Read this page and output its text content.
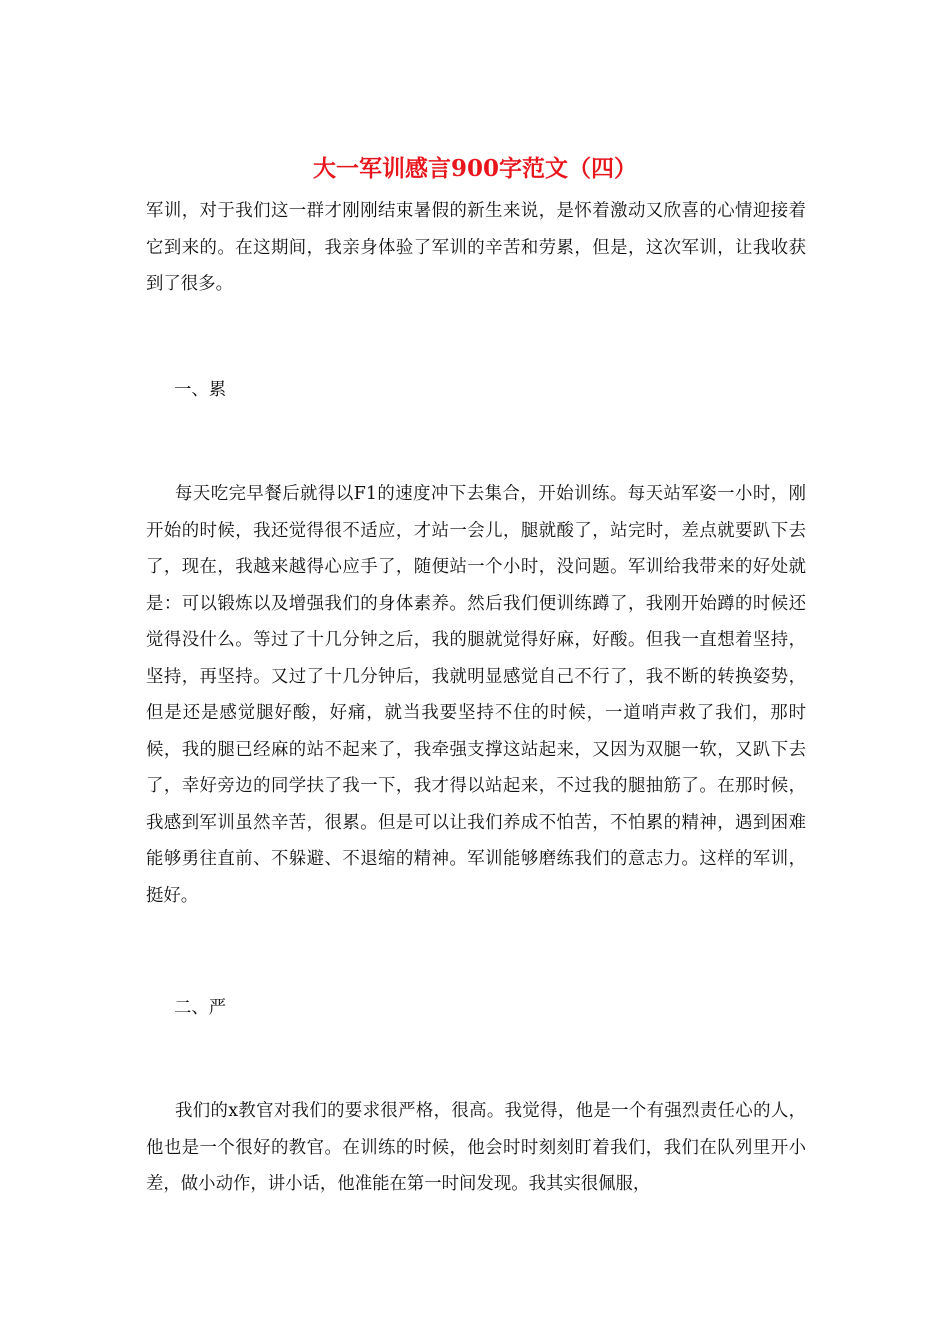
大一军训感言900字范文（四）
军训，对于我们这一群才刚刚结束暑假的新生来说，是怀着激动又欣喜的心情迎接着它到来的。在这期间，我亲身体验了军训的辛苦和劳累，但是，这次军训，让我收获到了很多。
一、累
每天吃完早餐后就得以F1的速度冲下去集合，开始训练。每天站军姿一小时，刚开始的时候，我还觉得很不适应，才站一会儿，腿就酸了，站完时，差点就要趴下去了，现在，我越来越得心应手了，随便站一个小时，没问题。军训给我带来的好处就是：可以锻炼以及增强我们的身体素养。然后我们便训练蹲了，我刚开始蹲的时候还觉得没什么。等过了十几分钟之后，我的腿就觉得好麻，好酸。但我一直想着坚持，坚持，再坚持。又过了十几分钟后，我就明显感觉自己不行了，我不断的转换姿势，但是还是感觉腿好酸，好痛，就当我要坚持不住的时候，一道哨声救了我们，那时候，我的腿已经麻的站不起来了，我牵强支撑这站起来，又因为双腿一软，又趴下去了，幸好旁边的同学扶了我一下，我才得以站起来，不过我的腿抽筋了。在那时候，我感到军训虽然辛苦，很累。但是可以让我们养成不怕苦，不怕累的精神，遇到困难能够勇往直前、不躲避、不退缩的精神。军训能够磨练我们的意志力。这样的军训，挺好。
二、严
我们的x教官对我们的要求很严格，很高。我觉得，他是一个有强烈责任心的人，他也是一个很好的教官。在训练的时候，他会时时刻刻盯着我们，我们在队列里开小差，做小动作，讲小话，他准能在第一时间发现。我其实很佩服，
